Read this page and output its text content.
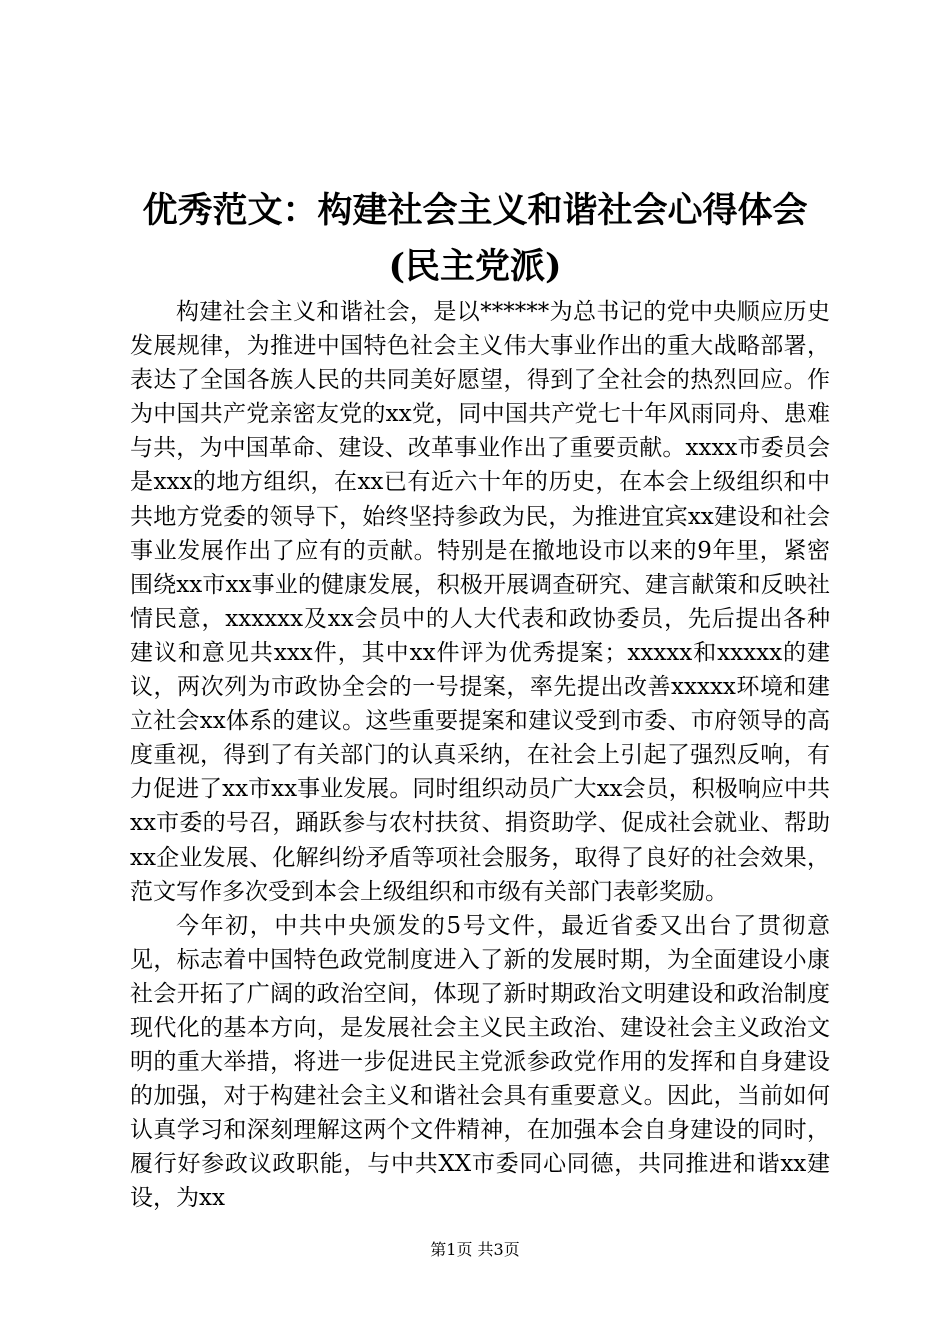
优秀范文：构建社会主义和谐社会心得体会
(民主党派)

构建社会主义和谐社会，是以******为总书记的党中央顺应历史发展规律，为推进中国特色社会主义伟大事业作出的重大战略部署，表达了全国各族人民的共同美好愿望，得到了全社会的热烈回应。作为中国共产党亲密友党的xx党，同中国共产党七十年风雨同舟、患难与共，为中国革命、建设、改革事业作出了重要贡献。xxxx市委员会是xxx的地方组织，在xx已有近六十年的历史，在本会上级组织和中共地方党委的领导下，始终坚持参政为民，为推进宜宾xx建设和社会事业发展作出了应有的贡献。特别是在撤地设市以来的9年里，紧密围绕xx市xx事业的健康发展，积极开展调查研究、建言献策和反映社情民意，xxxxxx及xx会员中的人大代表和政协委员，先后提出各种建议和意见共xxx件，其中xx件评为优秀提案；xxxxx和xxxxx的建议，两次列为市政协全会的一号提案，率先提出改善xxxxx环境和建立社会xx体系的建议。这些重要提案和建议受到市委、市府领导的高度重视，得到了有关部门的认真采纳，在社会上引起了强烈反响，有力促进了xx市xx事业发展。同时组织动员广大xx会员，积极响应中共xx市委的号召，踊跃参与农村扶贫、捐资助学、促成社会就业、帮助xx企业发展、化解纠纷矛盾等项社会服务，取得了良好的社会效果，范文写作多次受到本会上级组织和市级有关部门表彰奖励。

今年初，中共中央颁发的5号文件，最近省委又出台了贯彻意见，标志着中国特色政党制度进入了新的发展时期，为全面建设小康社会开拓了广阔的政治空间，体现了新时期政治文明建设和政治制度现代化的基本方向，是发展社会主义民主政治、建设社会主义政治文明的重大举措，将进一步促进民主党派参政党作用的发挥和自身建设的加强，对于构建社会主义和谐社会具有重要意义。因此，当前如何认真学习和深刻理解这两个文件精神，在加强本会自身建设的同时，履行好参政议政职能，与中共XX市委同心同德，共同推进和谐xx建设，为xx

第1页 共3页
